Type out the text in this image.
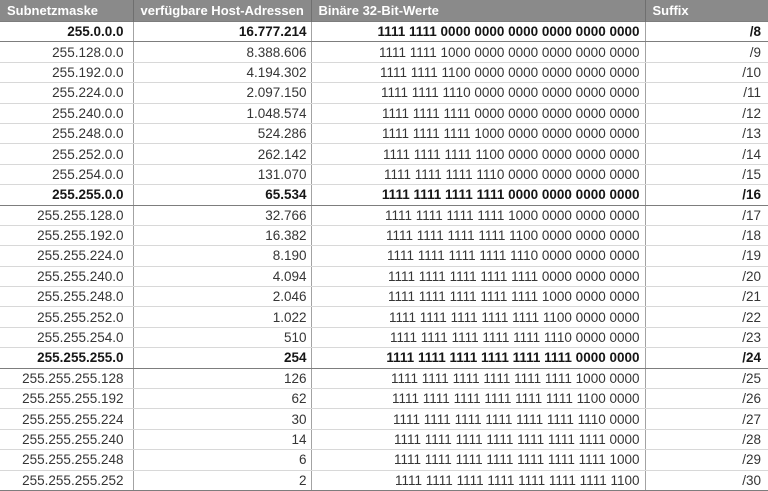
Subnetzmaske	verfügbare Host-Adressen	Binäre 32-Bit-Werte	Suffix
255.0.0.0	16.777.214	1111 1111 0000 0000 0000 0000 0000 0000	/8
255.128.0.0	8.388.606	1111 1111 1000 0000 0000 0000 0000 0000	/9
255.192.0.0	4.194.302	1111 1111 1100 0000 0000 0000 0000 0000	/10
255.224.0.0	2.097.150	1111 1111 1110 0000 0000 0000 0000 0000	/11
255.240.0.0	1.048.574	1111 1111 1111 0000 0000 0000 0000 0000	/12
255.248.0.0	524.286	1111 1111 1111 1000 0000 0000 0000 0000	/13
255.252.0.0	262.142	1111 1111 1111 1100 0000 0000 0000 0000	/14
255.254.0.0	131.070	1111 1111 1111 1110 0000 0000 0000 0000	/15
255.255.0.0	65.534	1111 1111 1111 1111 0000 0000 0000 0000	/16
255.255.128.0	32.766	1111 1111 1111 1111 1000 0000 0000 0000	/17
255.255.192.0	16.382	1111 1111 1111 1111 1100 0000 0000 0000	/18
255.255.224.0	8.190	1111 1111 1111 1111 1110 0000 0000 0000	/19
255.255.240.0	4.094	1111 1111 1111 1111 1111 0000 0000 0000	/20
255.255.248.0	2.046	1111 1111 1111 1111 1111 1000 0000 0000	/21
255.255.252.0	1.022	1111 1111 1111 1111 1111 1100 0000 0000	/22
255.255.254.0	510	1111 1111 1111 1111 1111 1110 0000 0000	/23
255.255.255.0	254	1111 1111 1111 1111 1111 1111 0000 0000	/24
255.255.255.128	126	1111 1111 1111 1111 1111 1111 1000 0000	/25
255.255.255.192	62	1111 1111 1111 1111 1111 1111 1100 0000	/26
255.255.255.224	30	1111 1111 1111 1111 1111 1111 1110 0000	/27
255.255.255.240	14	1111 1111 1111 1111 1111 1111 1111 0000	/28
255.255.255.248	6	1111 1111 1111 1111 1111 1111 1111 1000	/29
255.255.255.252	2	1111 1111 1111 1111 1111 1111 1111 1100	/30
